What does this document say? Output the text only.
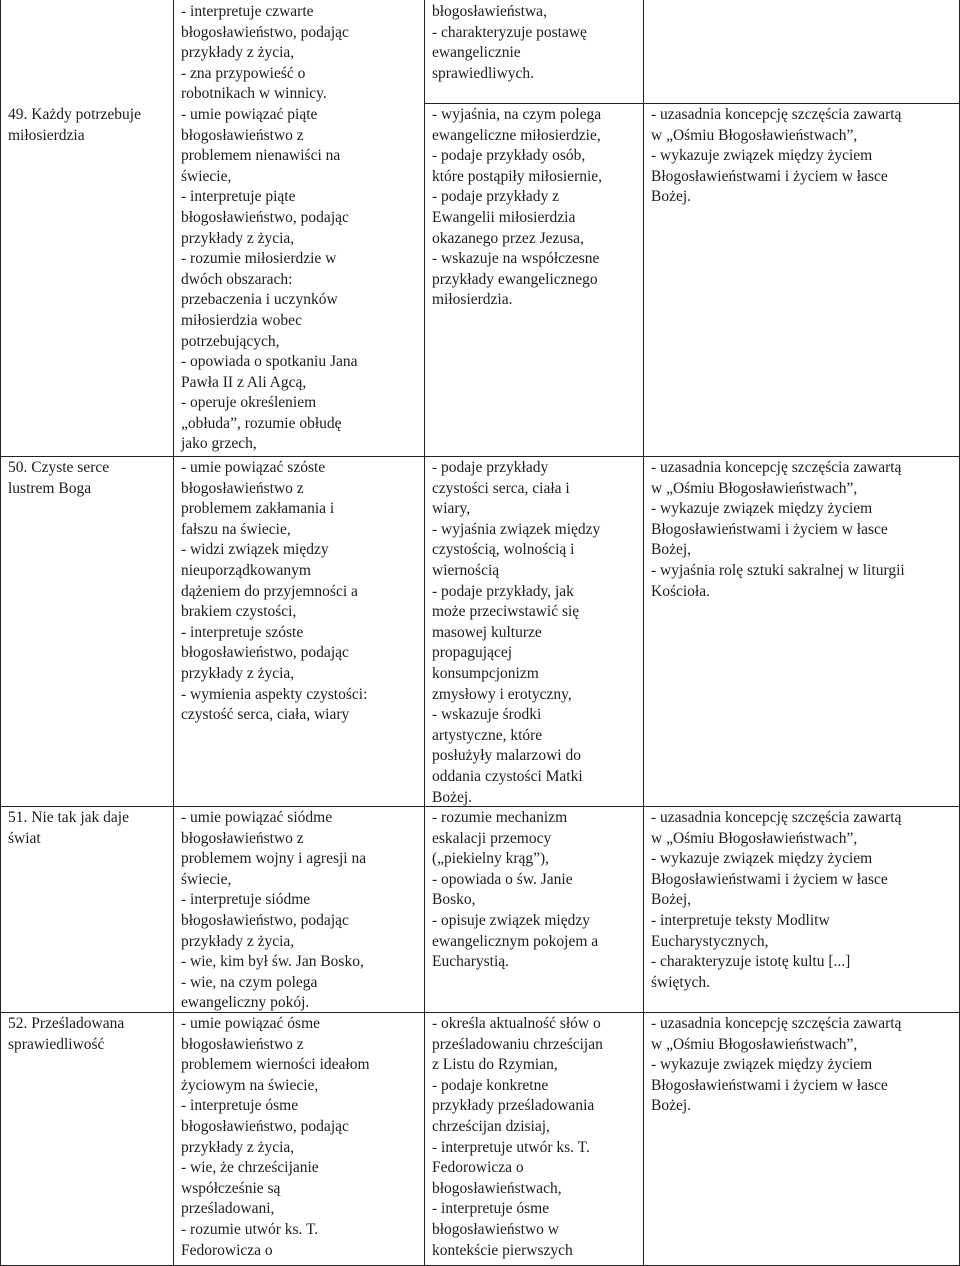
49. Każdy potrzebuje
miłosierdzia
- interpretuje czwarte
błogosławieństwo, podając
przykłady z życia,
- zna przypowieść o
robotnikach w winnicy.
- umie powiązać piąte
błogosławieństwo z
problemem nienawiści na
świecie,
- interpretuje piąte
błogosławieństwo, podając
przykłady z życia,
- rozumie miłosierdzie w
dwóch obszarach:
przebaczenia i uczynków
miłosierdzia wobec
potrzebujących,
- opowiada o spotkaniu Jana
Pawła II z Ali Agcą,
- operuje określeniem
„obłuda”, rozumie obłudę
jako grzech,
błogosławieństwa,
- charakteryzuje postawę
ewangelicznie
sprawiedliwych.
- wyjaśnia, na czym polega
ewangeliczne miłosierdzie,
- podaje przykłady osób,
które postąpiły miłosiernie,
- podaje przykłady z
Ewangelii miłosierdzia
okazanego przez Jezusa,
- wskazuje na współczesne
przykłady ewangelicznego
miłosierdzia.
- uzasadnia koncepcję szczęścia zawartą
w „Ośmiu Błogosławieństwach”,
- wykazuje związek między życiem
Błogosławieństwami i życiem w łasce
Bożej.
50. Czyste serce
lustrem Boga
- umie powiązać szóste
błogosławieństwo z
problemem zakłamania i
fałszu na świecie,
- widzi związek między
nieuporządkowanym
dążeniem do przyjemności a
brakiem czystości,
- interpretuje szóste
błogosławieństwo, podając
przykłady z życia,
- wymienia aspekty czystości:
czystość serca, ciała, wiary
- podaje przykłady
czystości serca, ciała i
wiary,
- wyjaśnia związek między
czystością, wolnością i
wiernością
- podaje przykłady, jak
może przeciwstawić się
masowej kulturze
propagującej
konsumpcjonizm
zmysłowy i erotyczny,
- wskazuje środki
artystyczne, które
posłużyły malarzowi do
oddania czystości Matki
Bożej.
- uzasadnia koncepcję szczęścia zawartą
w „Ośmiu Błogosławieństwach”,
- wykazuje związek między życiem
Błogosławieństwami i życiem w łasce
Bożej,
- wyjaśnia rolę sztuki sakralnej w liturgii
Kościoła.
51. Nie tak jak daje
świat
- umie powiązać siódme
błogosławieństwo z
problemem wojny i agresji na
świecie,
- interpretuje siódme
błogosławieństwo, podając
przykłady z życia,
- wie, kim był św. Jan Bosko,
- wie, na czym polega
ewangeliczny pokój.
- rozumie mechanizm
eskalacji przemocy
(„piekielny krąg”),
- opowiada o św. Janie
Bosko,
- opisuje związek między
ewangelicznym pokojem a
Eucharystią.
- uzasadnia koncepcję szczęścia zawartą
w „Ośmiu Błogosławieństwach”,
- wykazuje związek między życiem
Błogosławieństwami i życiem w łasce
Bożej,
- interpretuje teksty Modlitw
Eucharystycznych,
- charakteryzuje istotę kultu [...]
świętych.
52. Prześladowana
sprawiedliwość
- umie powiązać ósme
błogosławieństwo z
problemem wierności ideałom
życiowym na świecie,
- interpretuje ósme
błogosławieństwo, podając
przykłady z życia,
- wie, że chrześcijanie
współcześnie są
prześladowani,
- rozumie utwór ks. T.
Fedorowicza o
- określa aktualność słów o
prześladowaniu chrześcijan
z Listu do Rzymian,
- podaje konkretne
przykłady prześladowania
chrześcijan dzisiaj,
- interpretuje utwór ks. T.
Fedorowicza o
błogosławieństwach,
- interpretuje ósme
błogosławieństwo w
kontekście pierwszych
- uzasadnia koncepcję szczęścia zawartą
w „Ośmiu Błogosławieństwach”,
- wykazuje związek między życiem
Błogosławieństwami i życiem w łasce
Bożej.
